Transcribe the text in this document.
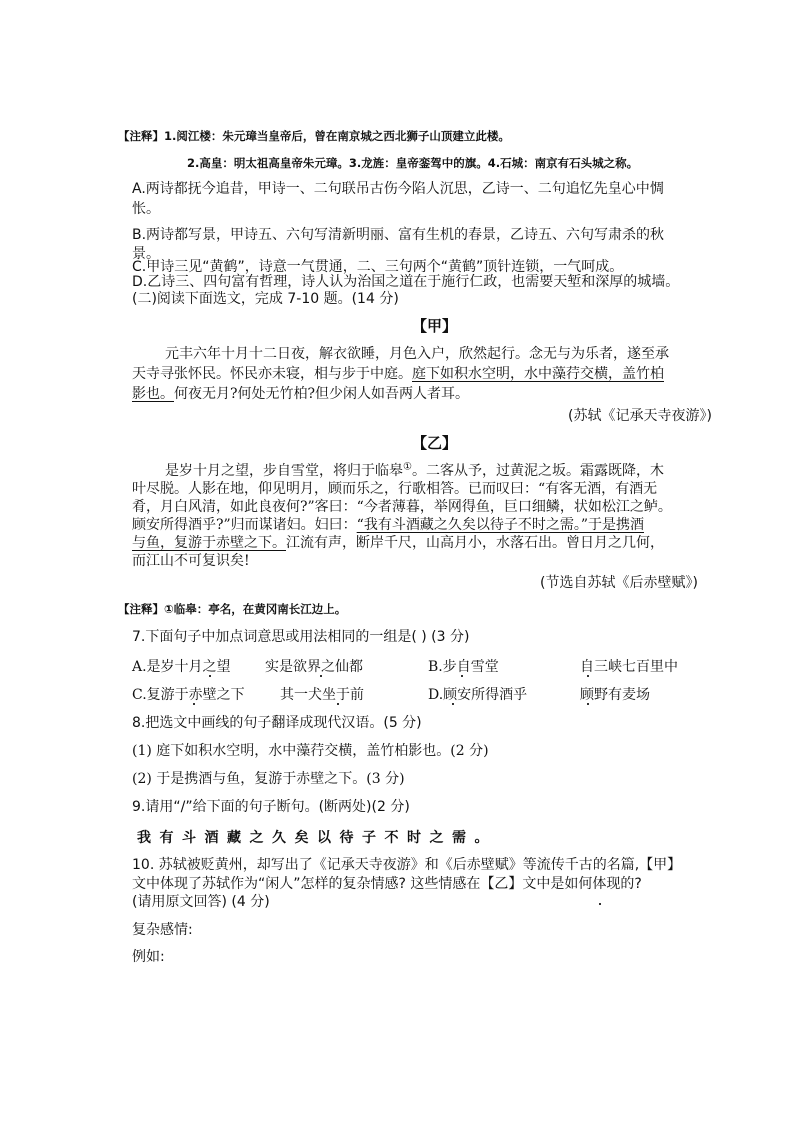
【注释】1.阅江楼：朱元璋当皇帝后，曾在南京城之西北狮子山顶建立此楼。
2.高皇：明太祖高皇帝朱元璋。3.龙旌：皇帝銮驾中的旗。4.石城：南京有石头城之称。
A.两诗都抚今追昔，甲诗一、二句联吊古伤今陷人沉思，乙诗一、二句追忆先皇心中惆
怅。
B.两诗都写景，甲诗五、六句写清新明丽、富有生机的春景，乙诗五、六句写肃杀的秋
景。
C.甲诗三见“黄鹤”，诗意一气贯通，二、三句两个“黄鹤”顶针连锁，一气呵成。
D.乙诗三、四句富有哲理，诗人认为治国之道在于施行仁政，也需要天堑和深厚的城墙。
(二)阅读下面选文，完成 7-10 题。(14 分)
【甲】
元丰六年十月十二日夜，解衣欲睡，月色入户，欣然起行。念无与为乐者，遂至承
天寺寻张怀民。怀民亦未寝，相与步于中庭。庭下如积水空明，水中藻荇交横，盖竹柏
影也。何夜无月?何处无竹柏?但少闲人如吾两人者耳。
(苏轼《记承天寺夜游》)
【乙】
是岁十月之望，步自雪堂，将归于临皋①。二客从予，过黄泥之坂。霜露既降，木
叶尽脱。人影在地，仰见明月，顾而乐之，行歌相答。已而叹曰：“有客无酒，有酒无
肴，月白风清，如此良夜何?”客曰：“今者薄暮，举网得鱼，巨口细鳞，状如松江之鲈。
顾安所得酒乎?”归而谋诸妇。妇曰：“我有斗酒藏之久矣以待子不时之需。”于是携酒
与鱼，复游于赤壁之下。江流有声，断岸千尺，山高月小，水落石出。曾日月之几何，
而江山不可复识矣!
(节选自苏轼《后赤壁赋》)
【注释】①临皋：亭名，在黄冈南长江边上。
7.下面句子中加点词意思或用法相同的一组是( ) (3 分)
A.是岁十月之望 实是欲界之仙都	B.步自雪堂	自三峡七百里中
C.复游于赤壁之下	其一犬坐于前	D.顾安所得酒乎	顾野有麦场
8.把选文中画线的句子翻译成现代汉语。(5 分)
(1) 庭下如积水空明，水中藻荇交横，盖竹柏影也。(2 分)
(2) 于是携酒与鱼，复游于赤壁之下。(3 分)
9.请用“/”给下面的句子断句。(断两处)(2 分)
我有斗酒藏之久矣以待子不时之需。
10. 苏轼被贬黄州，却写出了《记承天寺夜游》和《后赤壁赋》等流传千古的名篇,【甲】
文中体现了苏轼作为“闲人”怎样的复杂情感? 这些情感在【乙】文中是如何体现的?
(请用原文回答) (4 分)
复杂感情:
例如:
